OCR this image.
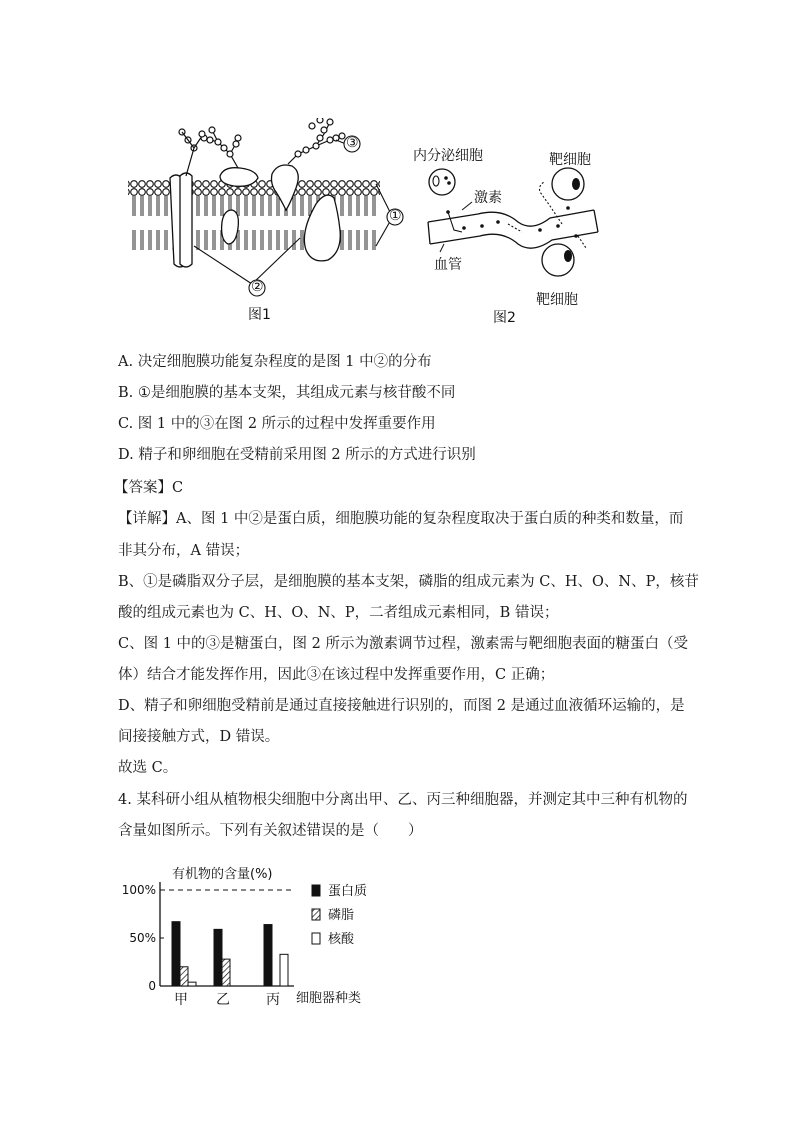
①
②
③
图1
内分泌细胞	靶细胞
激素
血管
靶细胞
图2
A. 决定细胞膜功能复杂程度的是图 1 中②的分布
B. ①是细胞膜的基本支架，其组成元素与核苷酸不同
C. 图 1 中的③在图 2 所示的过程中发挥重要作用
D. 精子和卵细胞在受精前采用图 2 所示的方式进行识别
【答案】C
【详解】A、图 1 中②是蛋白质，细胞膜功能的复杂程度取决于蛋白质的种类和数量，而
非其分布，A 错误；
B、①是磷脂双分子层，是细胞膜的基本支架，磷脂的组成元素为 C、H、O、N、P，核苷
酸的组成元素也为 C、H、O、N、P，二者组成元素相同，B 错误；
C、图 1 中的③是糖蛋白，图 2 所示为激素调节过程，激素需与靶细胞表面的糖蛋白（受
体）结合才能发挥作用，因此③在该过程中发挥重要作用，C 正确；
D、精子和卵细胞受精前是通过直接接触进行识别的，而图 2 是通过血液循环运输的，是
间接接触方式，D 错误。
故选 C。
4. 某科研小组从植物根尖细胞中分离出甲、乙、丙三种细胞器，并测定其中三种有机物的
含量如图所示。下列有关叙述错误的是（　　）
有机物的含量(%)
细胞器种类
100%
50%
0
甲 乙	丙
蛋白质
磷脂
核酸
